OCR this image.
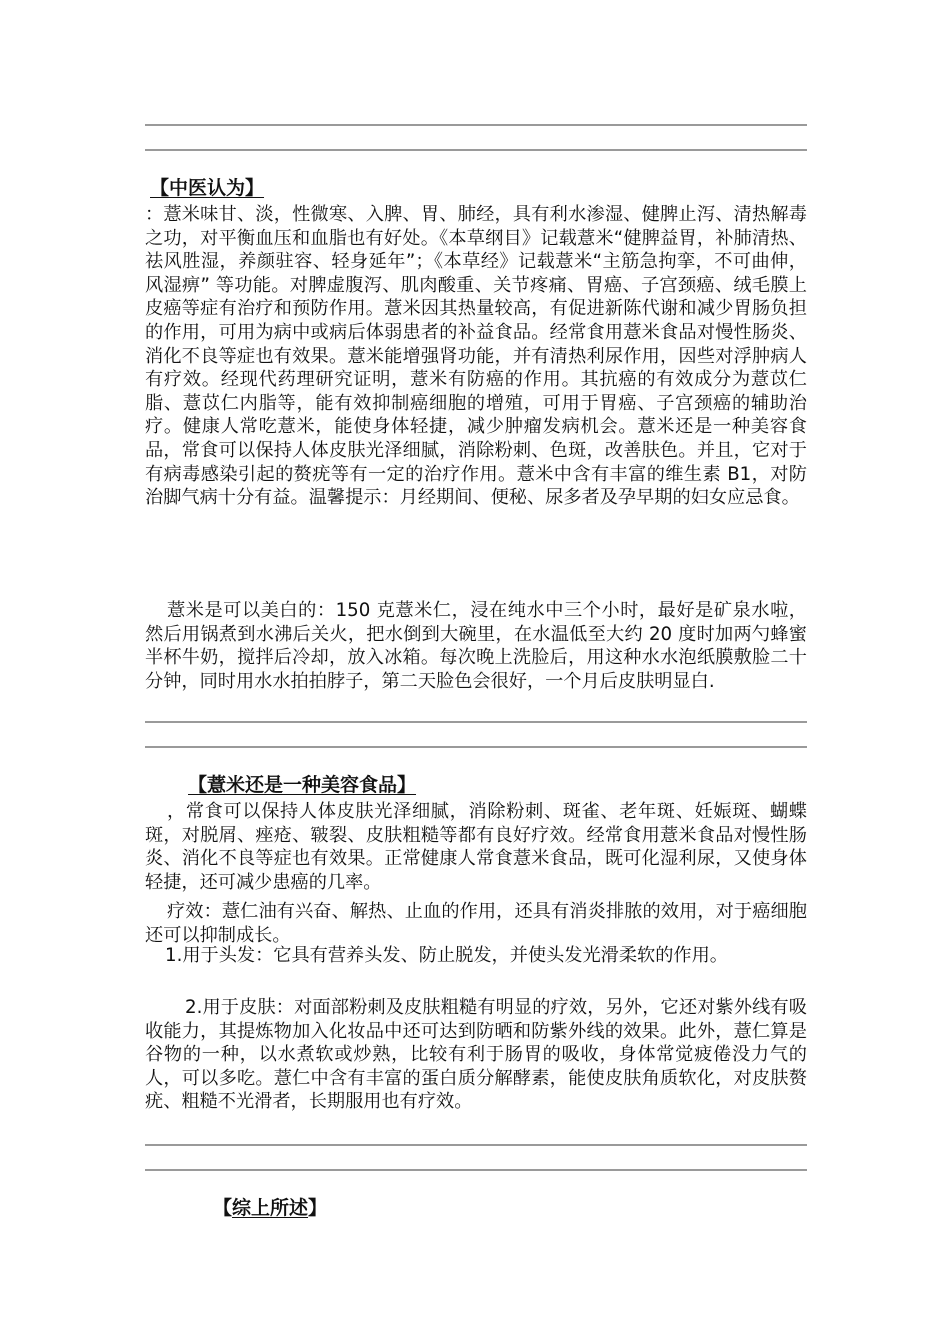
【中医认为】

：薏米味甘、淡，性微寒、入脾、胃、肺经，具有利水渗湿、健脾止泻、清热解毒之功，对平衡血压和血脂也有好处。《本草纲目》记载薏米“健脾益胃，补肺清热、祛风胜湿，养颜驻容、轻身延年”；《本草经》记载薏米“主筋急拘挛，不可曲伸，风湿痹” 等功能。对脾虚腹泻、肌肉酸重、关节疼痛、胃癌、子宫颈癌、绒毛膜上皮癌等症有治疗和预防作用。薏米因其热量较高，有促进新陈代谢和减少胃肠负担的作用，可用为病中或病后体弱患者的补益食品。经常食用薏米食品对慢性肠炎、消化不良等症也有效果。薏米能增强肾功能，并有清热利尿作用，因些对浮肿病人有疗效。经现代药理研究证明，薏米有防癌的作用。其抗癌的有效成分为薏苡仁脂、薏苡仁内脂等，能有效抑制癌细胞的增殖，可用于胃癌、子宫颈癌的辅助治疗。健康人常吃薏米，能使身体轻捷，减少肿瘤发病机会。薏米还是一种美容食品，常食可以保持人体皮肤光泽细腻，消除粉刺、色斑，改善肤色。并且，它对于有病毒感染引起的赘疣等有一定的治疗作用。薏米中含有丰富的维生素 B1，对防治脚气病十分有益。温馨提示：月经期间、便秘、尿多者及孕早期的妇女应忌食。

薏米是可以美白的：150 克薏米仁，浸在纯水中三个小时，最好是矿泉水啦，然后用锅煮到水沸后关火，把水倒到大碗里，在水温低至大约 20 度时加两勺蜂蜜半杯牛奶，搅拌后冷却，放入冰箱。每次晚上洗脸后，用这种水水泡纸膜敷脸二十分钟，同时用水水拍拍脖子，第二天脸色会很好，一个月后皮肤明显白.

【薏米还是一种美容食品】

，常食可以保持人体皮肤光泽细腻，消除粉刺、斑雀、老年斑、妊娠斑、蝴蝶斑，对脱屑、痤疮、皲裂、皮肤粗糙等都有良好疗效。经常食用薏米食品对慢性肠炎、消化不良等症也有效果。正常健康人常食薏米食品，既可化湿利尿，又使身体轻捷，还可减少患癌的几率。

疗效：薏仁油有兴奋、解热、止血的作用，还具有消炎排脓的效用，对于癌细胞还可以抑制成长。

1.用于头发：它具有营养头发、防止脱发，并使头发光滑柔软的作用。

2.用于皮肤：对面部粉刺及皮肤粗糙有明显的疗效，另外，它还对紫外线有吸收能力，其提炼物加入化妆品中还可达到防晒和防紫外线的效果。此外，薏仁算是谷物的一种，以水煮软或炒熟，比较有利于肠胃的吸收，身体常觉疲倦没力气的人，可以多吃。薏仁中含有丰富的蛋白质分解酵素，能使皮肤角质软化，对皮肤赘疣、粗糙不光滑者，长期服用也有疗效。

【综上所述】
